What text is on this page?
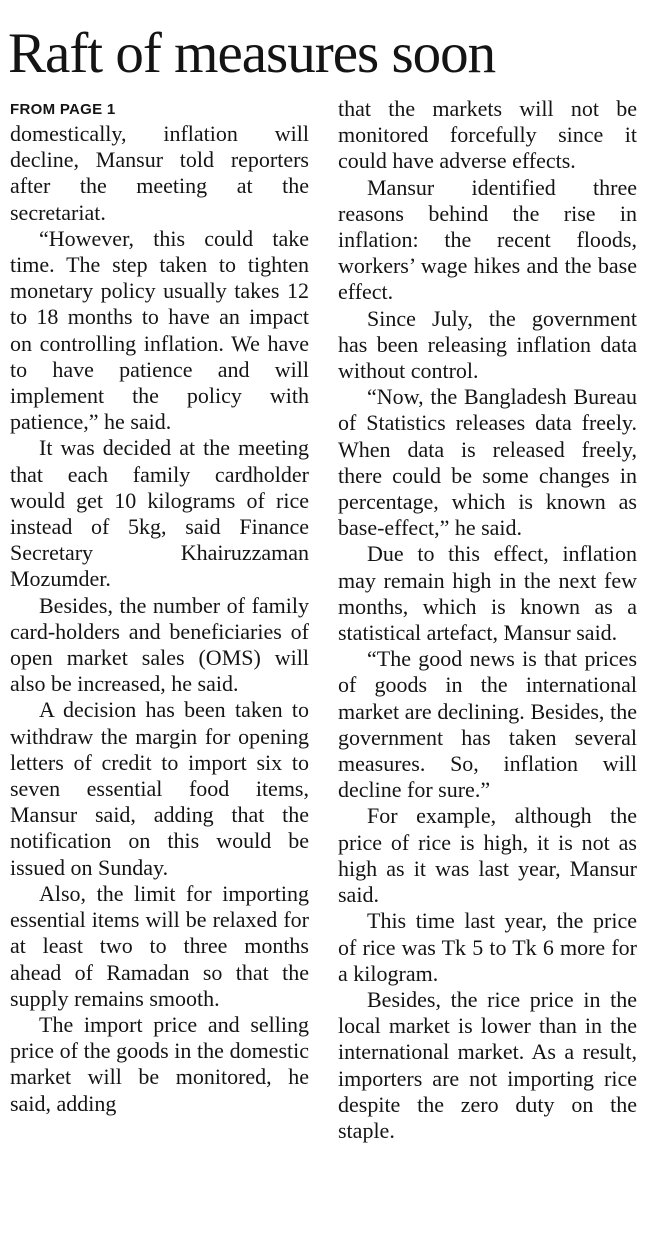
Raft of measures soon
FROM PAGE 1

domestically, inflation will decline, Mansur told reporters after the meeting at the secretariat.

“However, this could take time. The step taken to tighten monetary policy usually takes 12 to 18 months to have an impact on controlling inflation. We have to have patience and will implement the policy with patience,” he said.

It was decided at the meeting that each family cardholder would get 10 kilograms of rice instead of 5kg, said Finance Secretary Khairuzzaman Mozumder.

Besides, the number of family card-holders and beneficiaries of open market sales (OMS) will also be increased, he said.

A decision has been taken to withdraw the margin for opening letters of credit to import six to seven essential food items, Mansur said, adding that the notification on this would be issued on Sunday.

Also, the limit for importing essential items will be relaxed for at least two to three months ahead of Ramadan so that the supply remains smooth.

The import price and selling price of the goods in the domestic market will be monitored, he said, adding

that the markets will not be monitored forcefully since it could have adverse effects.

Mansur identified three reasons behind the rise in inflation: the recent floods, workers’ wage hikes and the base effect.

Since July, the government has been releasing inflation data without control.

“Now, the Bangladesh Bureau of Statistics releases data freely. When data is released freely, there could be some changes in percentage, which is known as base-effect,” he said.

Due to this effect, inflation may remain high in the next few months, which is known as a statistical artefact, Mansur said.

“The good news is that prices of goods in the international market are declining. Besides, the government has taken several measures. So, inflation will decline for sure.”

For example, although the price of rice is high, it is not as high as it was last year, Mansur said.

This time last year, the price of rice was Tk 5 to Tk 6 more for a kilogram.

Besides, the rice price in the local market is lower than in the international market. As a result, importers are not importing rice despite the zero duty on the staple.
